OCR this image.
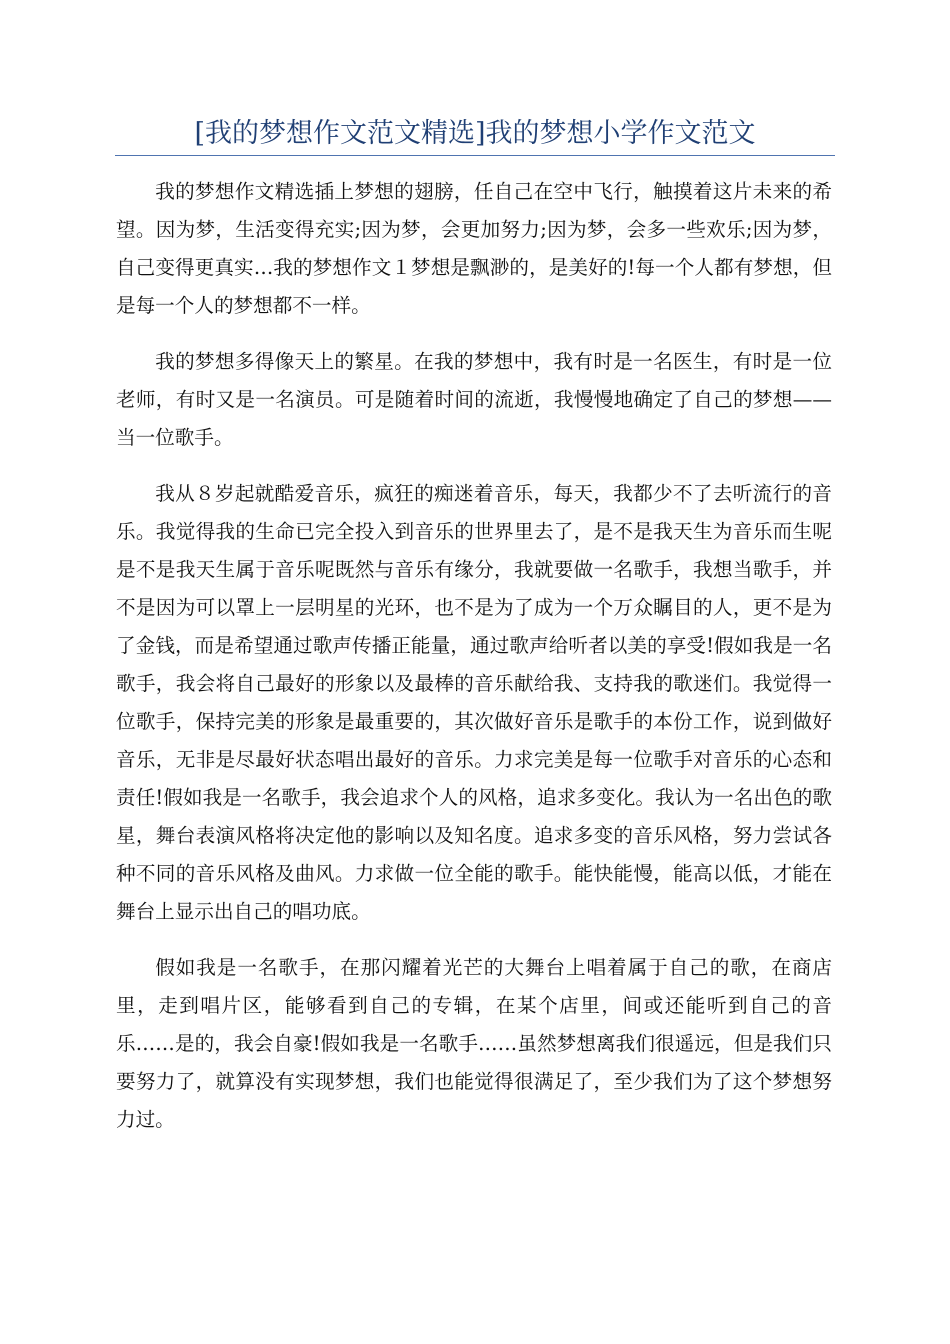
[我的梦想作文范文精选]我的梦想小学作文范文

我的梦想作文精选插上梦想的翅膀，任自己在空中飞行，触摸着这片未来的希望。因为梦，生活变得充实;因为梦，会更加努力;因为梦，会多一些欢乐;因为梦，自己变得更真实…我的梦想作文１梦想是飘渺的，是美好的!每一个人都有梦想，但是每一个人的梦想都不一样。

我的梦想多得像天上的繁星。在我的梦想中，我有时是一名医生，有时是一位老师，有时又是一名演员。可是随着时间的流逝，我慢慢地确定了自己的梦想——当一位歌手。

我从８岁起就酷爱音乐，疯狂的痴迷着音乐，每天，我都少不了去听流行的音乐。我觉得我的生命已完全投入到音乐的世界里去了，是不是我天生为音乐而生呢是不是我天生属于音乐呢既然与音乐有缘分，我就要做一名歌手，我想当歌手，并不是因为可以罩上一层明星的光环，也不是为了成为一个万众瞩目的人，更不是为了金钱，而是希望通过歌声传播正能量，通过歌声给听者以美的享受!假如我是一名歌手，我会将自己最好的形象以及最棒的音乐献给我、支持我的歌迷们。我觉得一位歌手，保持完美的形象是最重要的，其次做好音乐是歌手的本份工作，说到做好音乐，无非是尽最好状态唱出最好的音乐。力求完美是每一位歌手对音乐的心态和责任!假如我是一名歌手，我会追求个人的风格，追求多变化。我认为一名出色的歌星，舞台表演风格将决定他的影响以及知名度。追求多变的音乐风格，努力尝试各种不同的音乐风格及曲风。力求做一位全能的歌手。能快能慢，能高以低，才能在舞台上显示出自己的唱功底。

假如我是一名歌手，在那闪耀着光芒的大舞台上唱着属于自己的歌，在商店里，走到唱片区，能够看到自己的专辑，在某个店里，间或还能听到自己的音乐……是的，我会自豪!假如我是一名歌手……虽然梦想离我们很遥远，但是我们只要努力了，就算没有实现梦想，我们也能觉得很满足了，至少我们为了这个梦想努力过。
